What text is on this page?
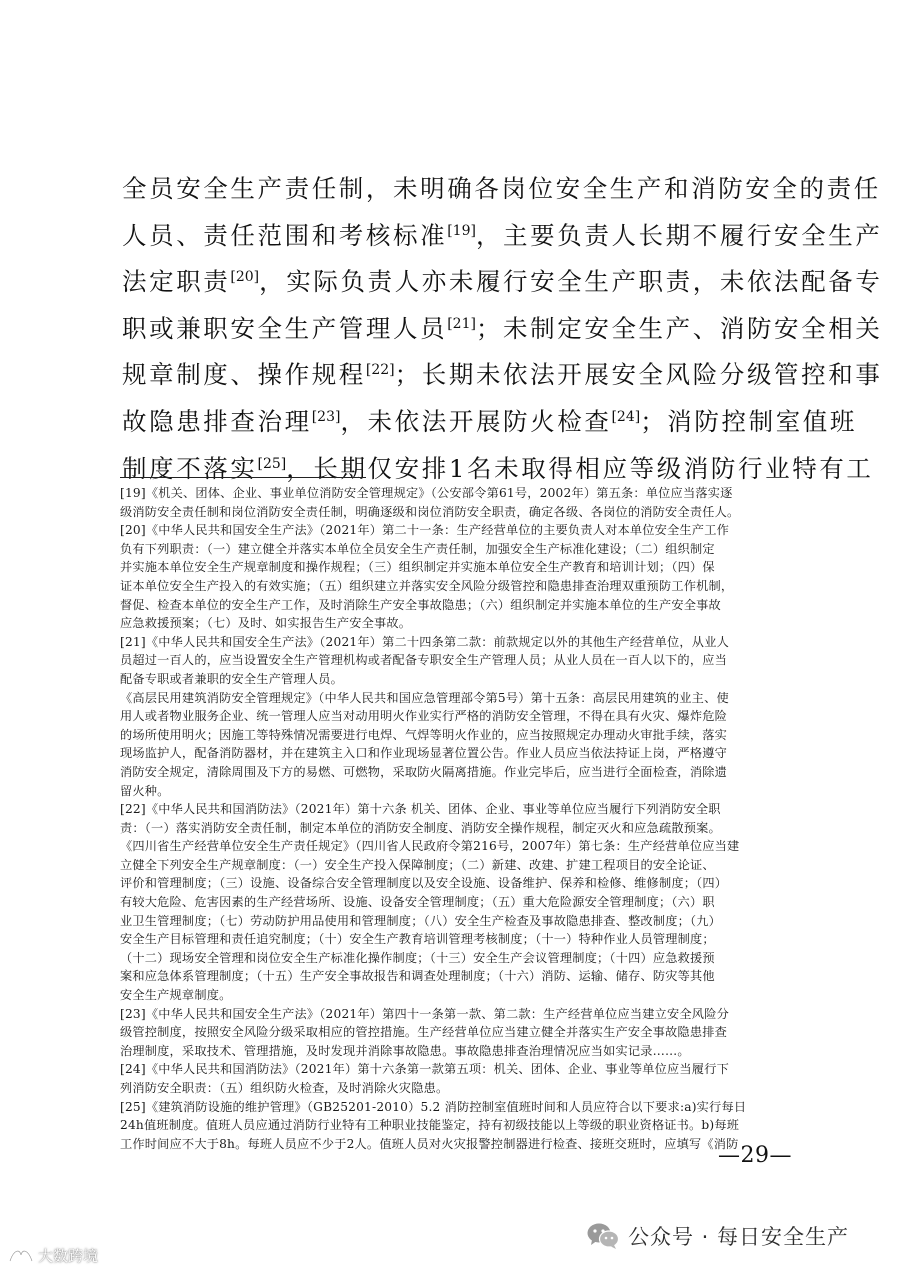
全员安全生产责任制，未明确各岗位安全生产和消防安全的责任
人员、责任范围和考核标准[19]，主要负责人长期不履行安全生产
法定职责[20]，实际负责人亦未履行安全生产职责，未依法配备专
职或兼职安全生产管理人员[21]；未制定安全生产、消防安全相关
规章制度、操作规程[22]；长期未依法开展安全风险分级管控和事
故隐患排查治理[23]，未依法开展防火检查[24]；消防控制室值班
制度不落实[25]，长期仅安排1名未取得相应等级消防行业特有工
[19]《机关、团体、企业、事业单位消防安全管理规定》（公安部令第61号，2002年）第五条：单位应当落实逐
级消防安全责任制和岗位消防安全责任制，明确逐级和岗位消防安全职责，确定各级、各岗位的消防安全责任人。
[20]《中华人民共和国安全生产法》（2021年）第二十一条：生产经营单位的主要负责人对本单位安全生产工作
负有下列职责：（一）建立健全并落实本单位全员安全生产责任制，加强安全生产标准化建设；（二）组织制定
并实施本单位安全生产规章制度和操作规程；（三）组织制定并实施本单位安全生产教育和培训计划；（四）保
证本单位安全生产投入的有效实施；（五）组织建立并落实安全风险分级管控和隐患排查治理双重预防工作机制，
督促、检查本单位的安全生产工作，及时消除生产安全事故隐患；（六）组织制定并实施本单位的生产安全事故
应急救援预案；（七）及时、如实报告生产安全事故。
[21]《中华人民共和国安全生产法》（2021年）第二十四条第二款：前款规定以外的其他生产经营单位，从业人
员超过一百人的，应当设置安全生产管理机构或者配备专职安全生产管理人员；从业人员在一百人以下的，应当
配备专职或者兼职的安全生产管理人员。
《高层民用建筑消防安全管理规定》（中华人民共和国应急管理部令第5号）第十五条：高层民用建筑的业主、使
用人或者物业服务企业、统一管理人应当对动用明火作业实行严格的消防安全管理，不得在具有火灾、爆炸危险
的场所使用明火；因施工等特殊情况需要进行电焊、气焊等明火作业的，应当按照规定办理动火审批手续，落实
现场监护人，配备消防器材，并在建筑主入口和作业现场显著位置公告。作业人员应当依法持证上岗，严格遵守
消防安全规定，清除周围及下方的易燃、可燃物，采取防火隔离措施。作业完毕后，应当进行全面检查，消除遗
留火种。
[22]《中华人民共和国消防法》（2021年）第十六条 机关、团体、企业、事业等单位应当履行下列消防安全职
责：（一）落实消防安全责任制，制定本单位的消防安全制度、消防安全操作规程，制定灭火和应急疏散预案。
《四川省生产经营单位安全生产责任规定》（四川省人民政府令第216号，2007年）第七条：生产经营单位应当建
立健全下列安全生产规章制度：（一）安全生产投入保障制度；（二）新建、改建、扩建工程项目的安全论证、
评价和管理制度；（三）设施、设备综合安全管理制度以及安全设施、设备维护、保养和检修、维修制度；（四）
有较大危险、危害因素的生产经营场所、设施、设备安全管理制度；（五）重大危险源安全管理制度；（六）职
业卫生管理制度；（七）劳动防护用品使用和管理制度；（八）安全生产检查及事故隐患排查、整改制度；（九）
安全生产目标管理和责任追究制度；（十）安全生产教育培训管理考核制度；（十一）特种作业人员管理制度；
（十二）现场安全管理和岗位安全生产标准化操作制度；（十三）安全生产会议管理制度；（十四）应急救援预
案和应急体系管理制度；（十五）生产安全事故报告和调查处理制度；（十六）消防、运输、储存、防灾等其他
安全生产规章制度。
[23]《中华人民共和国安全生产法》（2021年）第四十一条第一款、第二款：生产经营单位应当建立安全风险分
级管控制度，按照安全风险分级采取相应的管控措施。生产经营单位应当建立健全并落实生产安全事故隐患排查
治理制度，采取技术、管理措施，及时发现并消除事故隐患。事故隐患排查治理情况应当如实记录……。
[24]《中华人民共和国消防法》（2021年）第十六条第一款第五项：机关、团体、企业、事业等单位应当履行下
列消防安全职责：（五）组织防火检查，及时消除火灾隐患。
[25]《建筑消防设施的维护管理》（GB25201-2010）5.2 消防控制室值班时间和人员应符合以下要求:a)实行每日
24h值班制度。值班人员应通过消防行业特有工种职业技能鉴定，持有初级技能以上等级的职业资格证书。b)每班
工作时间应不大于8h。每班人员应不少于2人。值班人员对火灾报警控制器进行检查、接班交班时，应填写《消防
—29—
公众号 · 每日安全生产
大数跨境
